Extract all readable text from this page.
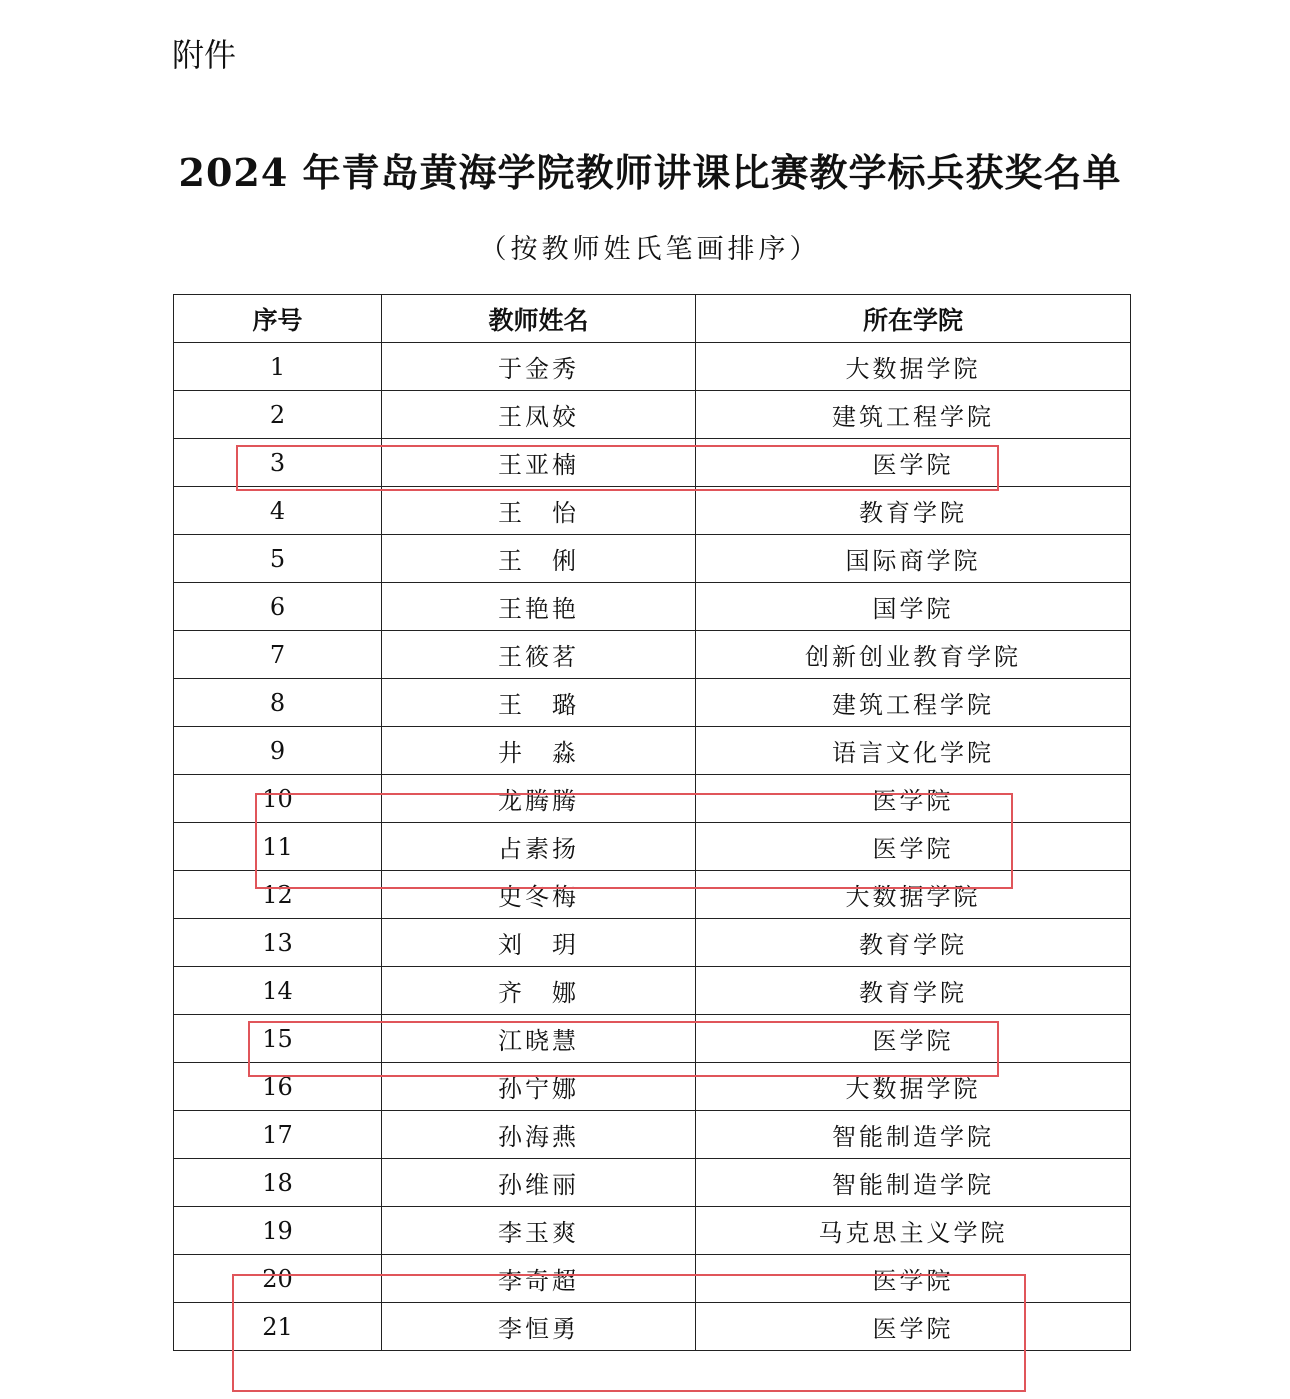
附件
2024 年青岛黄海学院教师讲课比赛教学标兵获奖名单
（按教师姓氏笔画排序）
序号	教师姓名	所在学院
1	于金秀	大数据学院
2	王凤姣	建筑工程学院
3	王亚楠	医学院
4	王　怡	教育学院
5	王　俐	国际商学院
6	王艳艳	国学院
7	王筱茗	创新创业教育学院
8	王　璐	建筑工程学院
9	井　淼	语言文化学院
10	龙腾腾	医学院
11	占素扬	医学院
12	史冬梅	大数据学院
13	刘　玥	教育学院
14	齐　娜	教育学院
15	江晓慧	医学院
16	孙宁娜	大数据学院
17	孙海燕	智能制造学院
18	孙维丽	智能制造学院
19	李玉爽	马克思主义学院
20	李奇超	医学院
21	李恒勇	医学院
